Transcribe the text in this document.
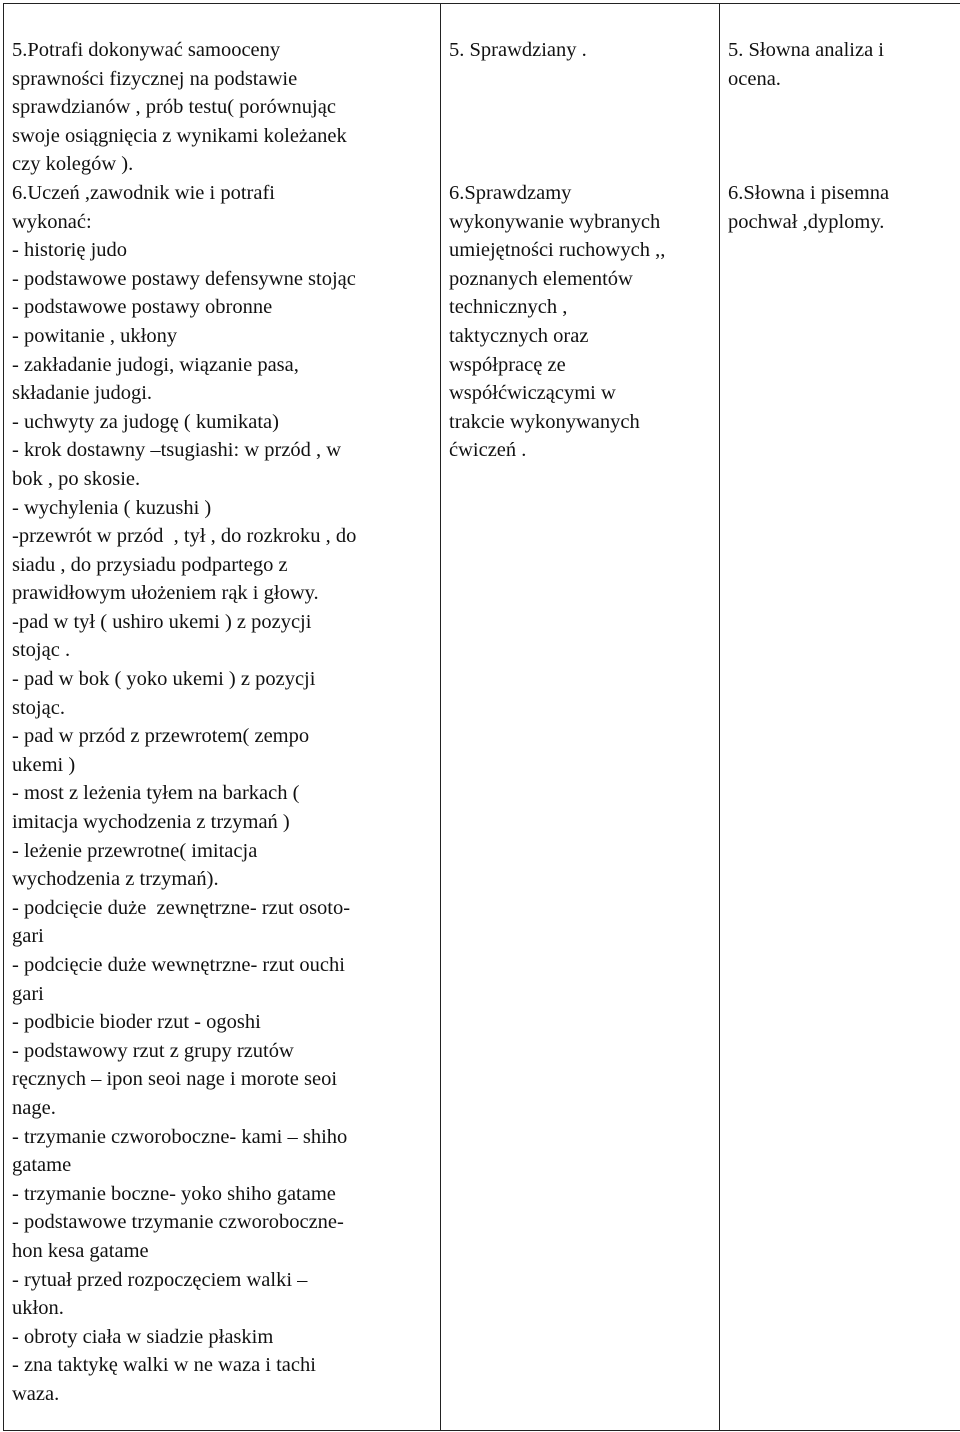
5.Potrafi dokonywać samooceny
sprawności fizycznej na podstawie
sprawdzianów , prób testu( porównując
swoje osiągnięcia z wynikami koleżanek
czy kolegów ).
6.Uczeń ,zawodnik wie i potrafi
wykonać:
- historię judo
- podstawowe postawy defensywne stojąc
- podstawowe postawy obronne
- powitanie , ukłony
- zakładanie judogi, wiązanie pasa,
składanie judogi.
- uchwyty za judogę ( kumikata)
- krok dostawny –tsugiashi: w przód , w
bok , po skosie.
- wychylenia ( kuzushi )
-przewrót w przód  , tył , do rozkroku , do
siadu , do przysiadu podpartego z
prawidłowym ułożeniem rąk i głowy.
-pad w tył ( ushiro ukemi ) z pozycji
stojąc .
- pad w bok ( yoko ukemi ) z pozycji
stojąc.
- pad w przód z przewrotem( zempo
ukemi )
- most z leżenia tyłem na barkach (
imitacja wychodzenia z trzymań )
- leżenie przewrotne( imitacja
wychodzenia z trzymań).
- podcięcie duże  zewnętrzne- rzut osoto-
gari
- podcięcie duże wewnętrzne- rzut ouchi
gari
- podbicie bioder rzut - ogoshi
- podstawowy rzut z grupy rzutów
ręcznych – ipon seoi nage i morote seoi
nage.
- trzymanie czworoboczne- kami – shiho
gatame
- trzymanie boczne- yoko shiho gatame
- podstawowe trzymanie czworoboczne-
hon kesa gatame
- rytuał przed rozpoczęciem walki –
ukłon.
- obroty ciała w siadzie płaskim
- zna taktykę walki w ne waza i tachi
waza.

5. Sprawdziany .
6.Sprawdzamy
wykonywanie wybranych
umiejętności ruchowych ,,
poznanych elementów
technicznych ,
taktycznych oraz
współpracę ze
współćwiczącymi w
trakcie wykonywanych
ćwiczeń .

5. Słowna analiza i
ocena.
6.Słowna i pisemna
pochwał ,dyplomy.
